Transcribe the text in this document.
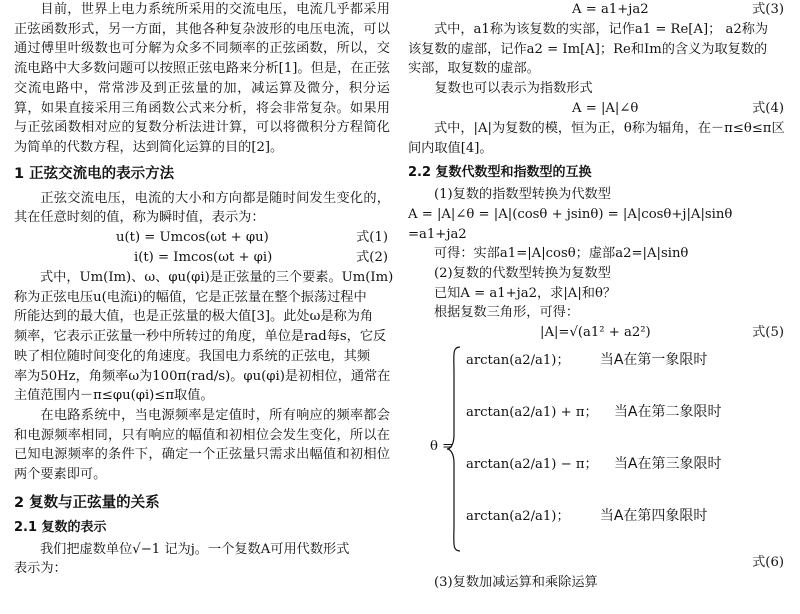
目前，世界上电力系统所采用的交流电压，电流几乎都采用正弦函数形式，另一方面，其他各种复杂波形的电压电流，可以通过傅里叶级数也可分解为众多不同频率的正弦函数，所以，交流电路中大多数问题可以按照正弦电路来分析[1]。但是，在正弦交流电路中，常常涉及到正弦量的加，减运算及微分，积分运算，如果直接采用三角函数公式来分析，将会非常复杂。如果用与正弦函数相对应的复数分析法进计算，可以将微积分方程简化为简单的代数方程，达到简化运算的目的[2]。

1 正弦交流电的表示方法

正弦交流电压，电流的大小和方向都是随时间发生变化的，其在任意时刻的值，称为瞬时值，表示为：

u(t) = Umcos(ωt + φu)	式(1)
i(t) = Imcos(ωt + φi)	式(2)
式中，Um(Im)、ω、φu(φi)是正弦量的三个要素。Um(Im)
称为正弦电压u(电流i)的幅值，它是正弦量在整个振荡过程中
所能达到的最大值，也是正弦量的极大值[3]。此处ω是称为角
频率，它表示正弦量一秒中所转过的角度，单位是rad每s，它反
映了相位随时间变化的角速度。我国电力系统的正弦电，其频
率为50Hz，角频率ω为100π(rad/s)。φu(φi)是初相位，通常在
主值范围内－π≤φu(φi)≤π取值。

在电路系统中，当电源频率是定值时，所有响应的频率都会和电源频率相同，只有响应的幅值和初相位会发生变化，所以在已知电源频率的条件下，确定一个正弦量只需求出幅值和初相位两个要素即可。

2 复数与正弦量的关系
2.1 复数的表示
我们把虚数单位√−1 记为j。一个复数A可用代数形式
表示为：
A = a1+ja2	式(3)
式中，a1称为该复数的实部，记作a1 = Re[A]； a2称为
该复数的虚部，记作a2 = Im[A]；Re和Im的含义为取复数的
实部，取复数的虚部。

复数也可以表示为指数形式

A = |A|∠θ	式(4)
式中，|A|为复数的模，恒为正，θ称为辐角，在－π≤θ≤π区
间内取值[4]。
2.2 复数代数型和指数型的互换
(1)复数的指数型转换为代数型
A = |A|∠θ = |A|(cosθ + jsinθ) = |A|cosθ+j|A|sinθ
=a1+ja2
可得：实部a1=|A|cosθ；虚部a2=|A|sinθ
(2)复数的代数型转换为复数型
已知A = a1+ja2，求|A|和θ？
根据复数三角形，可得：
|A|=√(a1² + a2²)	式(5)
θ =
arctan(a2/a1)； 当A在第一象限时
arctan(a2/a1) + π； 当A在第二象限时
arctan(a2/a1) − π； 当A在第三象限时
arctan(a2/a1)； 当A在第四象限时
式(6)
(3)复数加减运算和乘除运算
